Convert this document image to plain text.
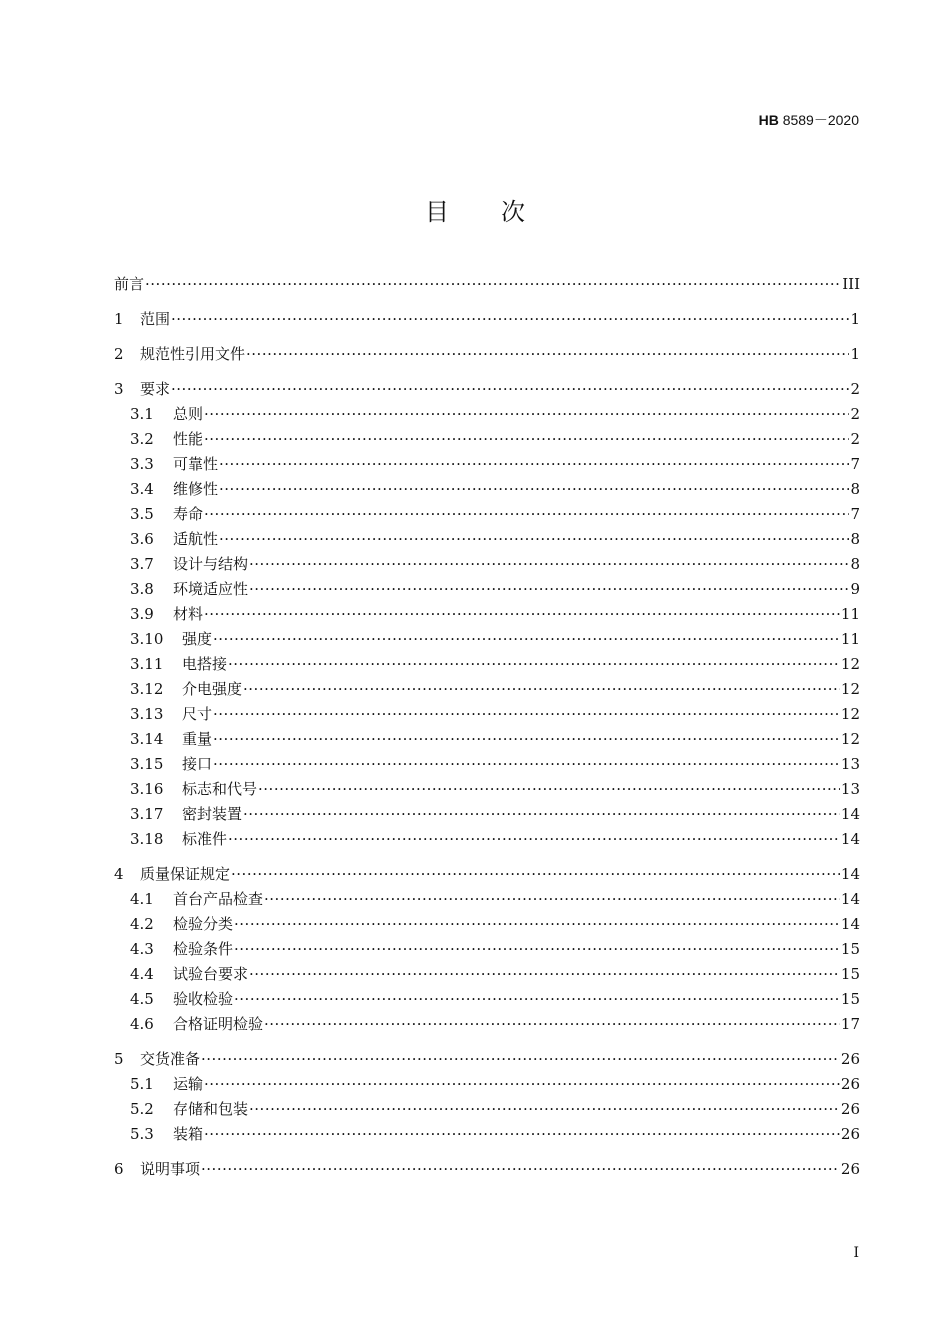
HB 8589－2020
目 次
前言 ·····	III
1	范围 ·····	1
2	规范性引用文件 ·····	1
3	要求 ·····	2
3.1	总则 ·····	2
3.2	性能 ·····	2
3.3	可靠性 ·····	7
3.4	维修性 ·····	8
3.5	寿命 ·····	7
3.6	适航性 ·····	8
3.7	设计与结构 ·····	8
3.8	环境适应性 ·····	9
3.9	材料 ·····	11
3.10	强度 ·····	11
3.11	电搭接 ·····	12
3.12	介电强度 ·····	12
3.13	尺寸 ·····	12
3.14	重量 ·····	12
3.15	接口 ·····	13
3.16	标志和代号 ·····	13
3.17	密封装置 ·····	14
3.18	标准件 ·····	14
4	质量保证规定 ·····	14
4.1	首台产品检查 ·····	14
4.2	检验分类 ·····	14
4.3	检验条件 ·····	15
4.4	试验台要求 ·····	15
4.5	验收检验 ·····	15
4.6	合格证明检验 ·····	17
5	交货准备 ·····	26
5.1	运输 ·····	26
5.2	存储和包装 ·····	26
5.3	装箱 ·····	26
6	说明事项 ·····	26
I
